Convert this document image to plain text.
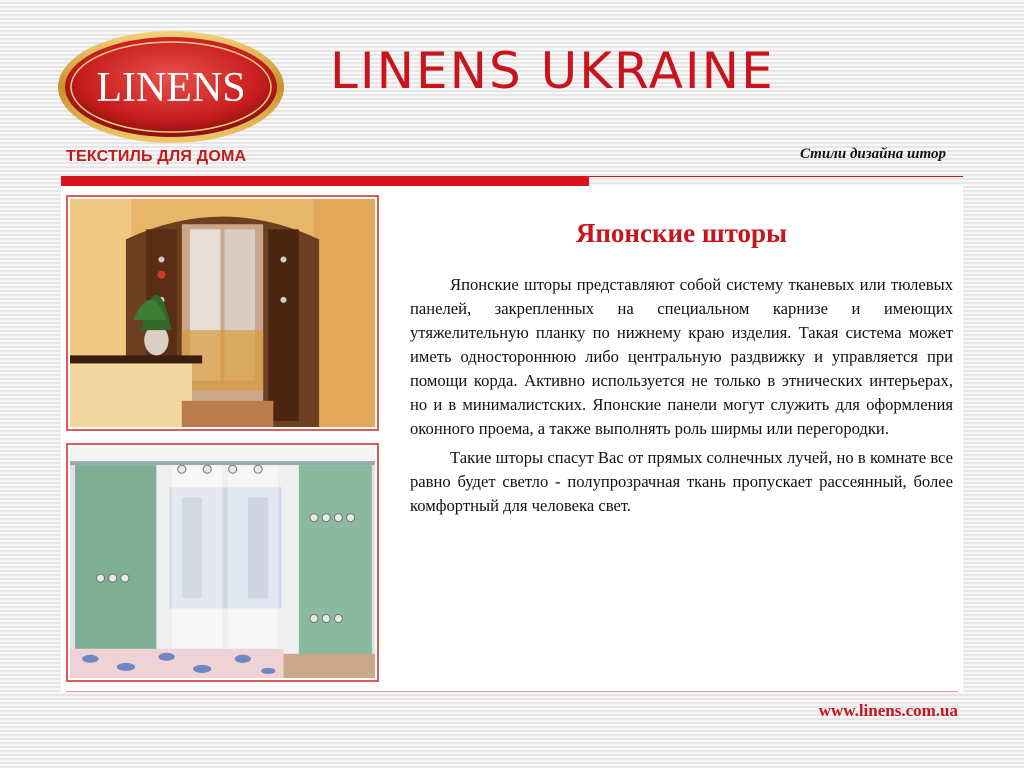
LINENS
ТЕКСТИЛЬ ДЛЯ ДОМА
LINENS UKRAINE
Стили дизайна штор
Японские шторы

Японские шторы представляют собой систему тканевых или тюлевых панелей, закрепленных на специальном карнизе и имеющих утяжелительную планку по нижнему краю изделия. Такая система может иметь одностороннюю либо центральную раздвижку и управляется при помощи корда. Активно используется не только в этнических интерьерах, но и в минималистских. Японские панели могут служить для оформления оконного проема, а также выполнять роль ширмы или перегородки.

Такие шторы спасут Вас от прямых солнечных лучей, но в комнате все равно будет светло - полупрозрачная ткань пропускает рассеянный, более комфортный для человека свет.

www.linens.com.ua
